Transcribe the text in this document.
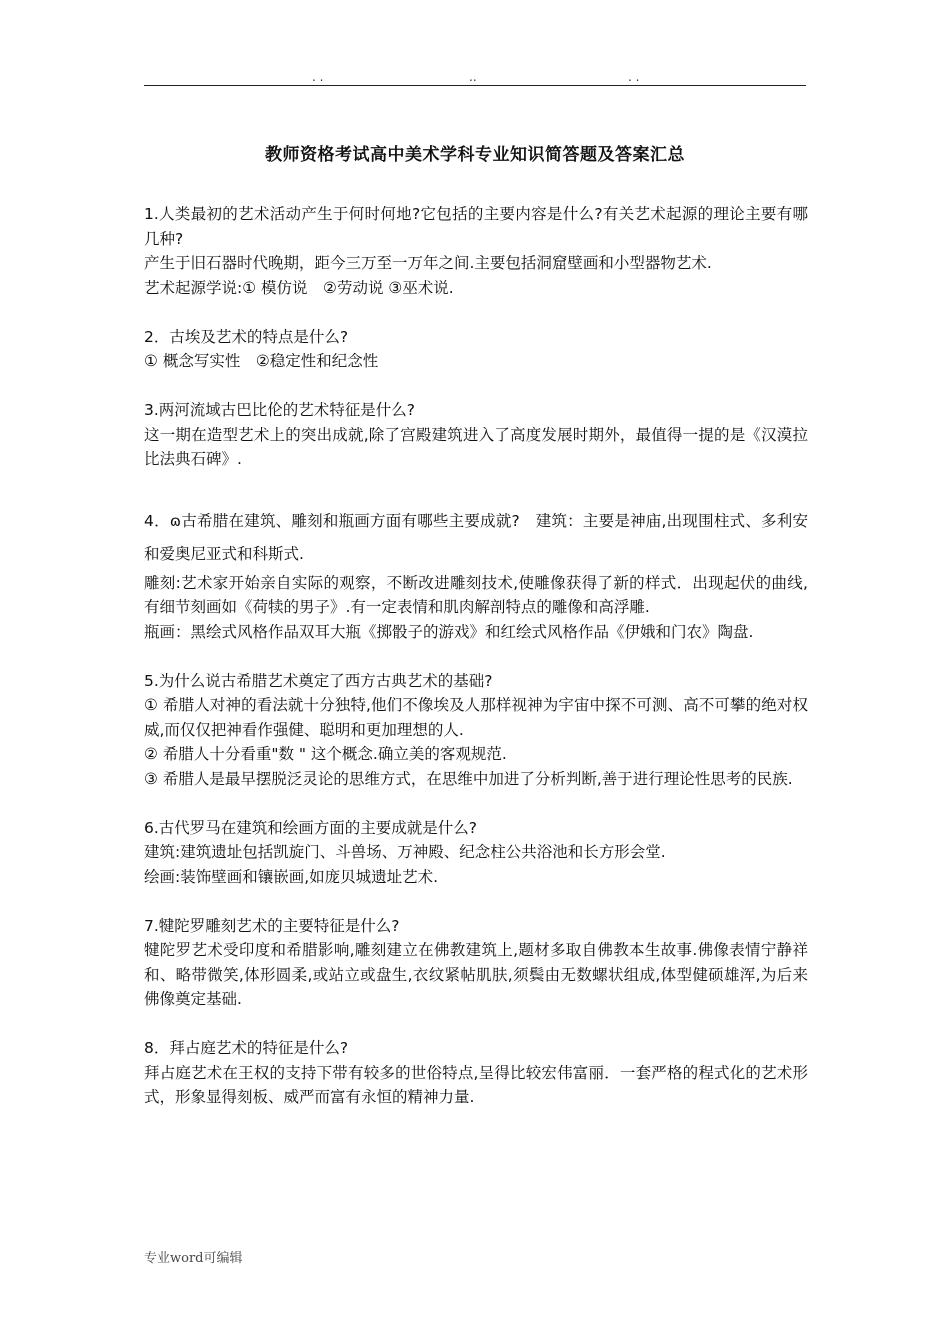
. .	..	. .
教师资格考试高中美术学科专业知识简答题及答案汇总

1.人类最初的艺术活动产生于何时何地?它包括的主要内容是什么?有关艺术起源的理论主要有哪几种?

产生于旧石器时代晚期，距今三万至一万年之间.主要包括洞窟壁画和小型器物艺术.

艺术起源学说:① 模仿说　②劳动说 ③巫术说.

2．古埃及艺术的特点是什么?

① 概念写实性　②稳定性和纪念性

3.两河流域古巴比伦的艺术特征是什么?

这一期在造型艺术上的突出成就,除了宫殿建筑进入了高度发展时期外，最值得一提的是《汉漠拉比法典石碑》.

4．ɷ古希腊在建筑、雕刻和瓶画方面有哪些主要成就?　建筑：主要是神庙,出现围柱式、多利安和爱奥尼亚式和科斯式.

雕刻:艺术家开始亲自实际的观察，不断改进雕刻技术,使雕像获得了新的样式．出现起伏的曲线,有细节刻画如《荷犊的男子》.有一定表情和肌肉解剖特点的雕像和高浮雕.

瓶画：黑绘式风格作品双耳大瓶《掷骰子的游戏》和红绘式风格作品《伊娥和门农》陶盘.

5.为什么说古希腊艺术奠定了西方古典艺术的基础?

① 希腊人对神的看法就十分独特,他们不像埃及人那样视神为宇宙中探不可测、高不可攀的绝对权威,而仅仅把神看作强健、聪明和更加理想的人.

② 希腊人十分看重"数 " 这个概念.确立美的客观规范.

③ 希腊人是最早摆脱泛灵论的思维方式，在思维中加进了分析判断,善于进行理论性思考的民族.

6.古代罗马在建筑和绘画方面的主要成就是什么?

建筑:建筑遗址包括凯旋门、斗兽场、万神殿、纪念柱公共浴池和长方形会堂.

绘画:装饰壁画和镶嵌画,如庞贝城遗址艺术.

7.犍陀罗雕刻艺术的主要特征是什么?

犍陀罗艺术受印度和希腊影响,雕刻建立在佛教建筑上,题材多取自佛教本生故事.佛像表情宁静祥和、略带微笑,体形圆柔,或站立或盘生,衣纹紧帖肌肤,须鬓由无数螺状组成,体型健硕雄浑,为后来佛像奠定基础.

8．拜占庭艺术的特征是什么?

拜占庭艺术在王权的支持下带有较多的世俗特点,呈得比较宏伟富丽．一套严格的程式化的艺术形式，形象显得刻板、威严而富有永恒的精神力量.

专业word可编辑
